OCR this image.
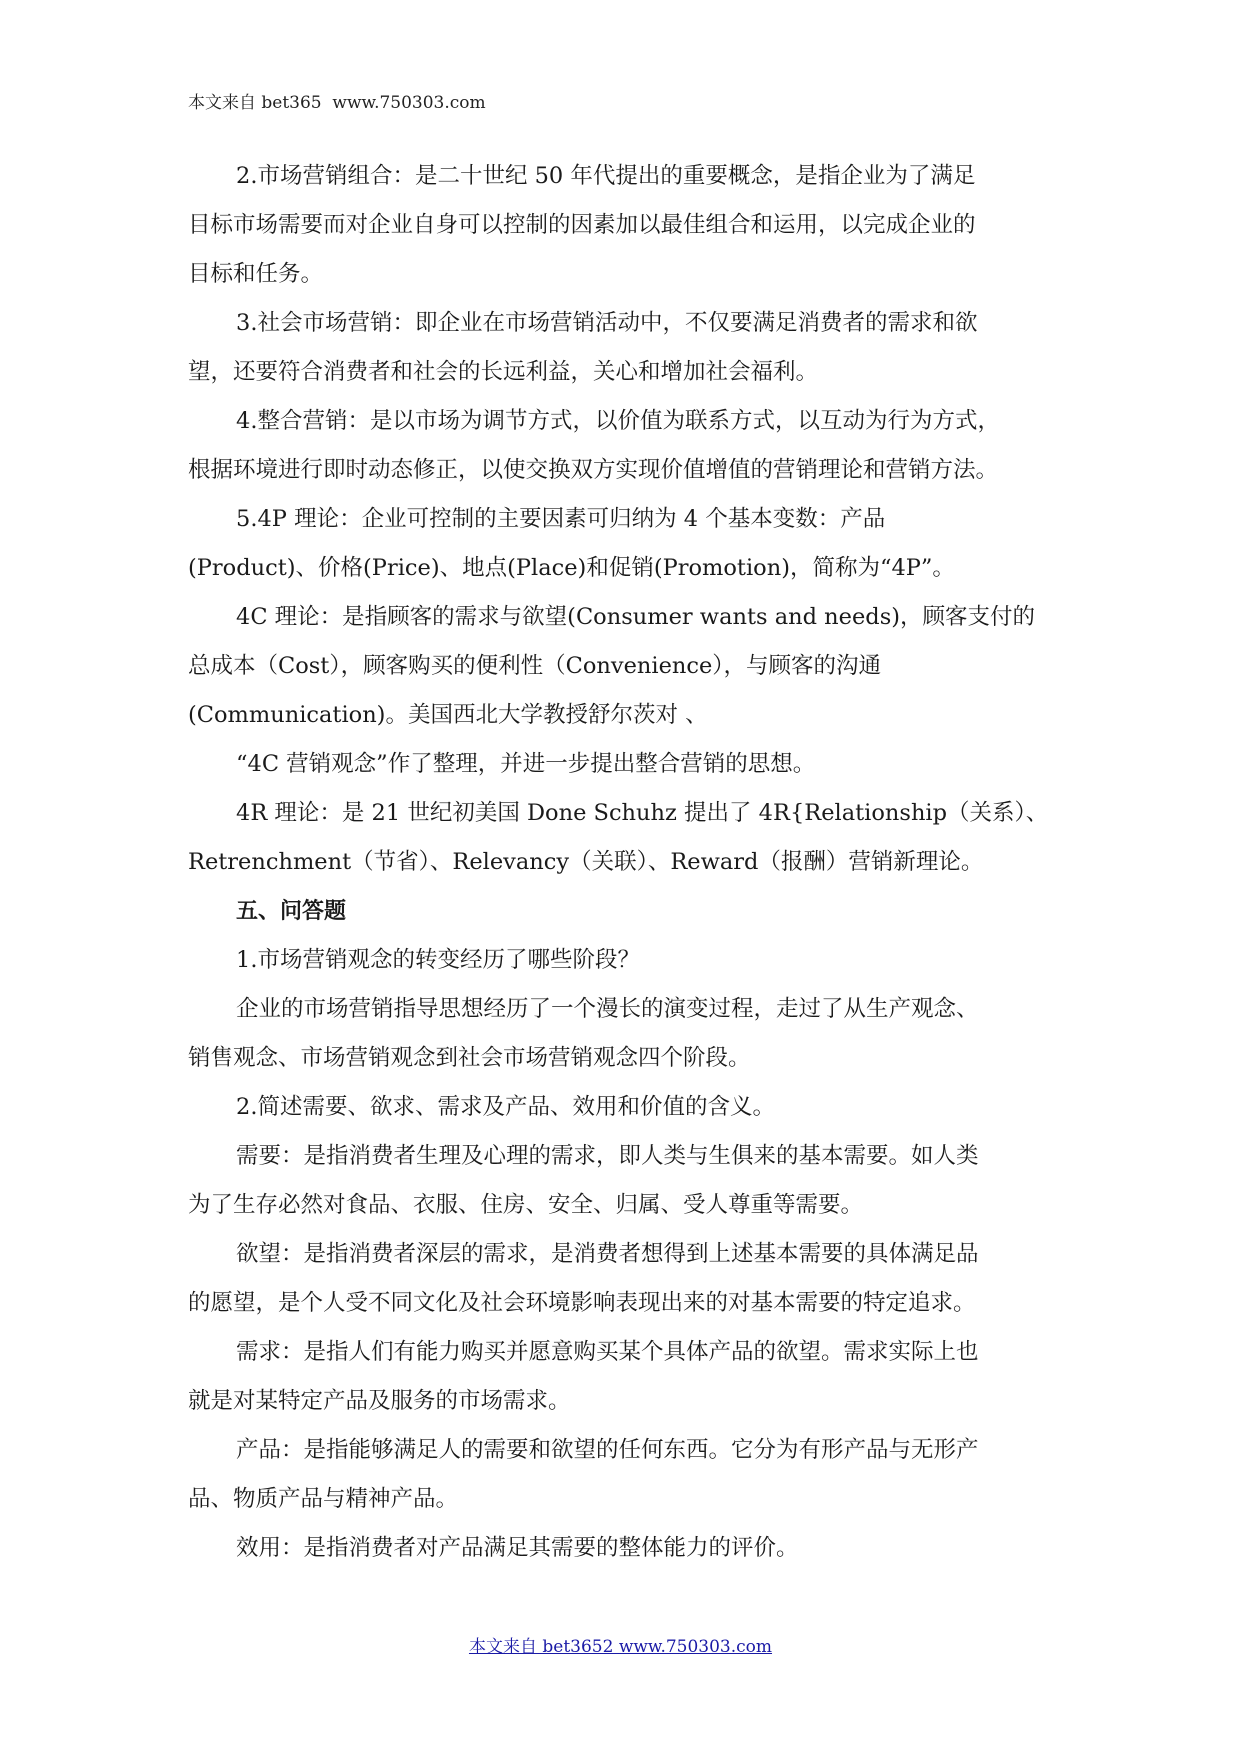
本文来自 bet365  www.750303.com
2.市场营销组合：是二十世纪 50 年代提出的重要概念，是指企业为了满足
目标市场需要而对企业自身可以控制的因素加以最佳组合和运用，以完成企业的
目标和任务。
3.社会市场营销：即企业在市场营销活动中，不仅要满足消费者的需求和欲
望，还要符合消费者和社会的长远利益，关心和增加社会福利。
4.整合营销：是以市场为调节方式，以价值为联系方式，以互动为行为方式，
根据环境进行即时动态修正，以使交换双方实现价值增值的营销理论和营销方法。
5.4P 理论：企业可控制的主要因素可归纳为 4 个基本变数：产品
(Product)、价格(Price)、地点(Place)和促销(Promotion)，简称为“4P”。
4C 理论：是指顾客的需求与欲望(Consumer wants and needs)，顾客支付的
总成本（Cost），顾客购买的便利性（Convenience），与顾客的沟通
(Communication)。美国西北大学教授舒尔茨对 、
“4C 营销观念”作了整理，并进一步提出整合营销的思想。
4R 理论：是 21 世纪初美国 Done Schuhz 提出了 4R{Relationship（关系）、
Retrenchment（节省）、Relevancy（关联）、Reward（报酬）营销新理论。
五、问答题
1.市场营销观念的转变经历了哪些阶段？
企业的市场营销指导思想经历了一个漫长的演变过程，走过了从生产观念、
销售观念、市场营销观念到社会市场营销观念四个阶段。
2.简述需要、欲求、需求及产品、效用和价值的含义。
需要：是指消费者生理及心理的需求，即人类与生俱来的基本需要。如人类
为了生存必然对食品、衣服、住房、安全、归属、受人尊重等需要。
欲望：是指消费者深层的需求，是消费者想得到上述基本需要的具体满足品
的愿望，是个人受不同文化及社会环境影响表现出来的对基本需要的特定追求。
需求：是指人们有能力购买并愿意购买某个具体产品的欲望。需求实际上也
就是对某特定产品及服务的市场需求。
产品：是指能够满足人的需要和欲望的任何东西。它分为有形产品与无形产
品、物质产品与精神产品。
效用：是指消费者对产品满足其需要的整体能力的评价。
本文来自 bet3652 www.750303.com
